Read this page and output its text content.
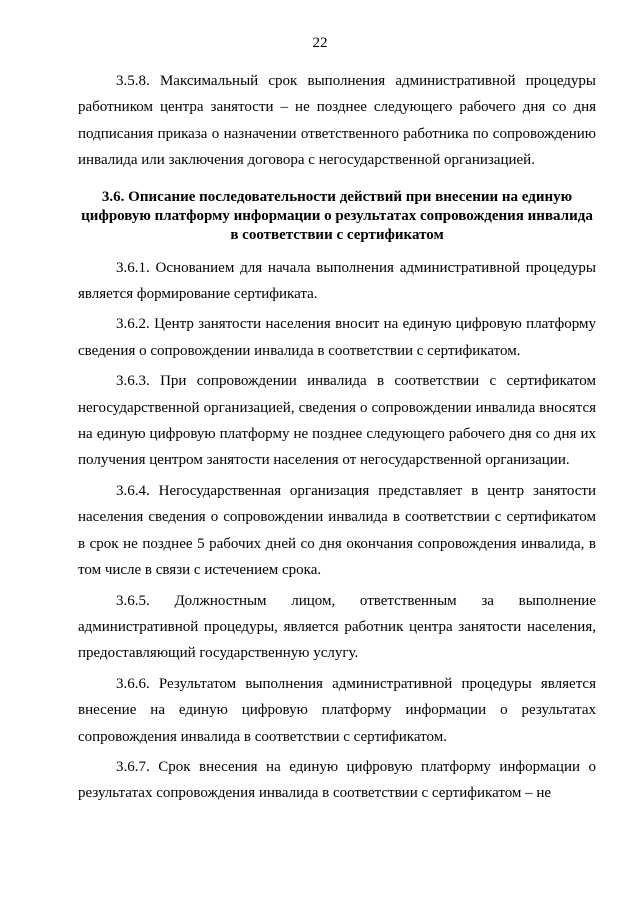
22

3.5.8. Максимальный срок выполнения административной процедуры работником центра занятости – не позднее следующего рабочего дня со дня подписания приказа о назначении ответственного работника по сопровождению инвалида или заключения договора с негосударственной организацией.

3.6. Описание последовательности действий при внесении на единую
цифровую платформу информации о результатах сопровождения инвалида
в соответствии с сертификатом

3.6.1. Основанием для начала выполнения административной процедуры является формирование сертификата.

3.6.2. Центр занятости населения вносит на единую цифровую платформу сведения о сопровождении инвалида в соответствии с сертификатом.

3.6.3. При сопровождении инвалида в соответствии с сертификатом негосударственной организацией, сведения о сопровождении инвалида вносятся на единую цифровую платформу не позднее следующего рабочего дня со дня их получения центром занятости населения от негосударственной организации.

3.6.4. Негосударственная организация представляет в центр занятости населения сведения о сопровождении инвалида в соответствии с сертификатом в срок не позднее 5 рабочих дней со дня окончания сопровождения инвалида, в том числе в связи с истечением срока.

3.6.5. Должностным лицом, ответственным за выполнение административной процедуры, является работник центра занятости населения, предоставляющий государственную услугу.

3.6.6. Результатом выполнения административной процедуры является внесение на единую цифровую платформу информации о результатах сопровождения инвалида в соответствии с сертификатом.

3.6.7. Срок внесения на единую цифровую платформу информации о результатах сопровождения инвалида в соответствии с сертификатом – не
